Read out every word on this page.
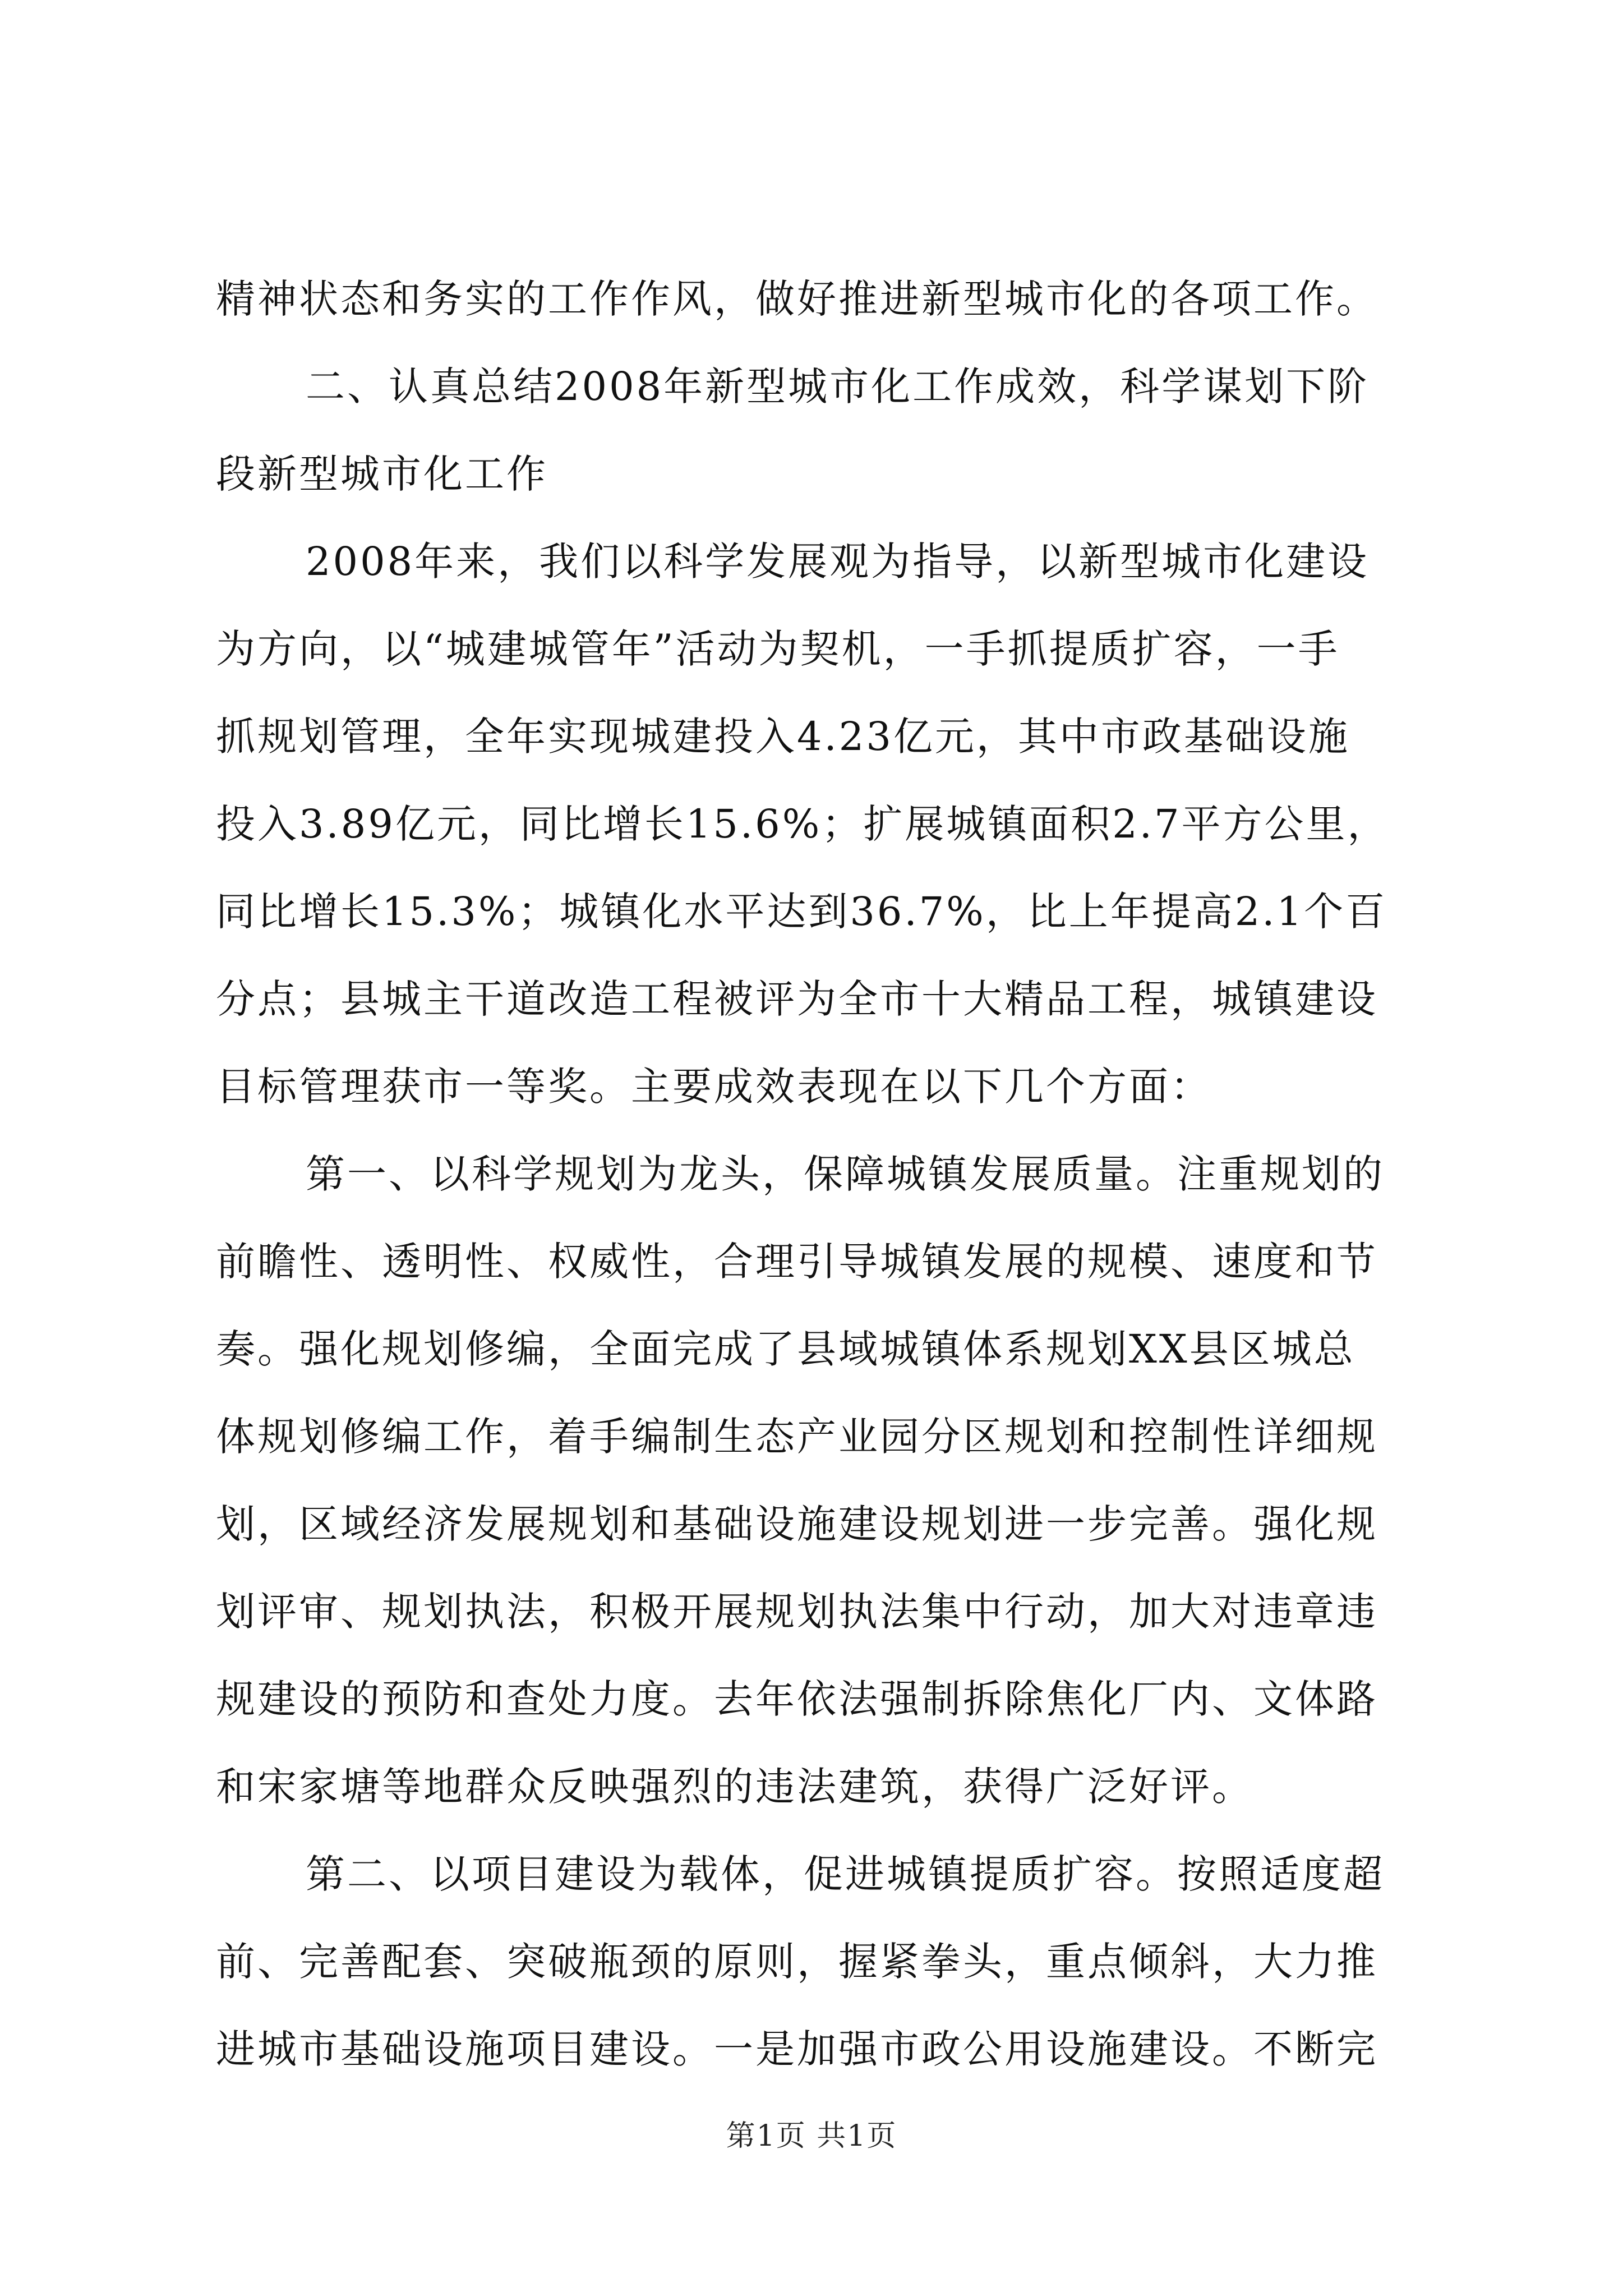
精神状态和务实的工作作风，做好推进新型城市化的各项工作。
二、认真总结2008年新型城市化工作成效，科学谋划下阶
段新型城市化工作
2008年来，我们以科学发展观为指导，以新型城市化建设
为方向，以“城建城管年”活动为契机，一手抓提质扩容，一手
抓规划管理，全年实现城建投入4.23亿元，其中市政基础设施
投入3.89亿元，同比增长15.6%；扩展城镇面积2.7平方公里，
同比增长15.3%；城镇化水平达到36.7%，比上年提高2.1个百
分点；县城主干道改造工程被评为全市十大精品工程，城镇建设
目标管理获市一等奖。主要成效表现在以下几个方面：
第一、以科学规划为龙头，保障城镇发展质量。注重规划的
前瞻性、透明性、权威性，合理引导城镇发展的规模、速度和节
奏。强化规划修编，全面完成了县域城镇体系规划XX县区城总
体规划修编工作，着手编制生态产业园分区规划和控制性详细规
划，区域经济发展规划和基础设施建设规划进一步完善。强化规
划评审、规划执法，积极开展规划执法集中行动，加大对违章违
规建设的预防和查处力度。去年依法强制拆除焦化厂内、文体路
和宋家塘等地群众反映强烈的违法建筑，获得广泛好评。
第二、以项目建设为载体，促进城镇提质扩容。按照适度超
前、完善配套、突破瓶颈的原则，握紧拳头，重点倾斜，大力推
进城市基础设施项目建设。一是加强市政公用设施建设。不断完
第1页 共1页
